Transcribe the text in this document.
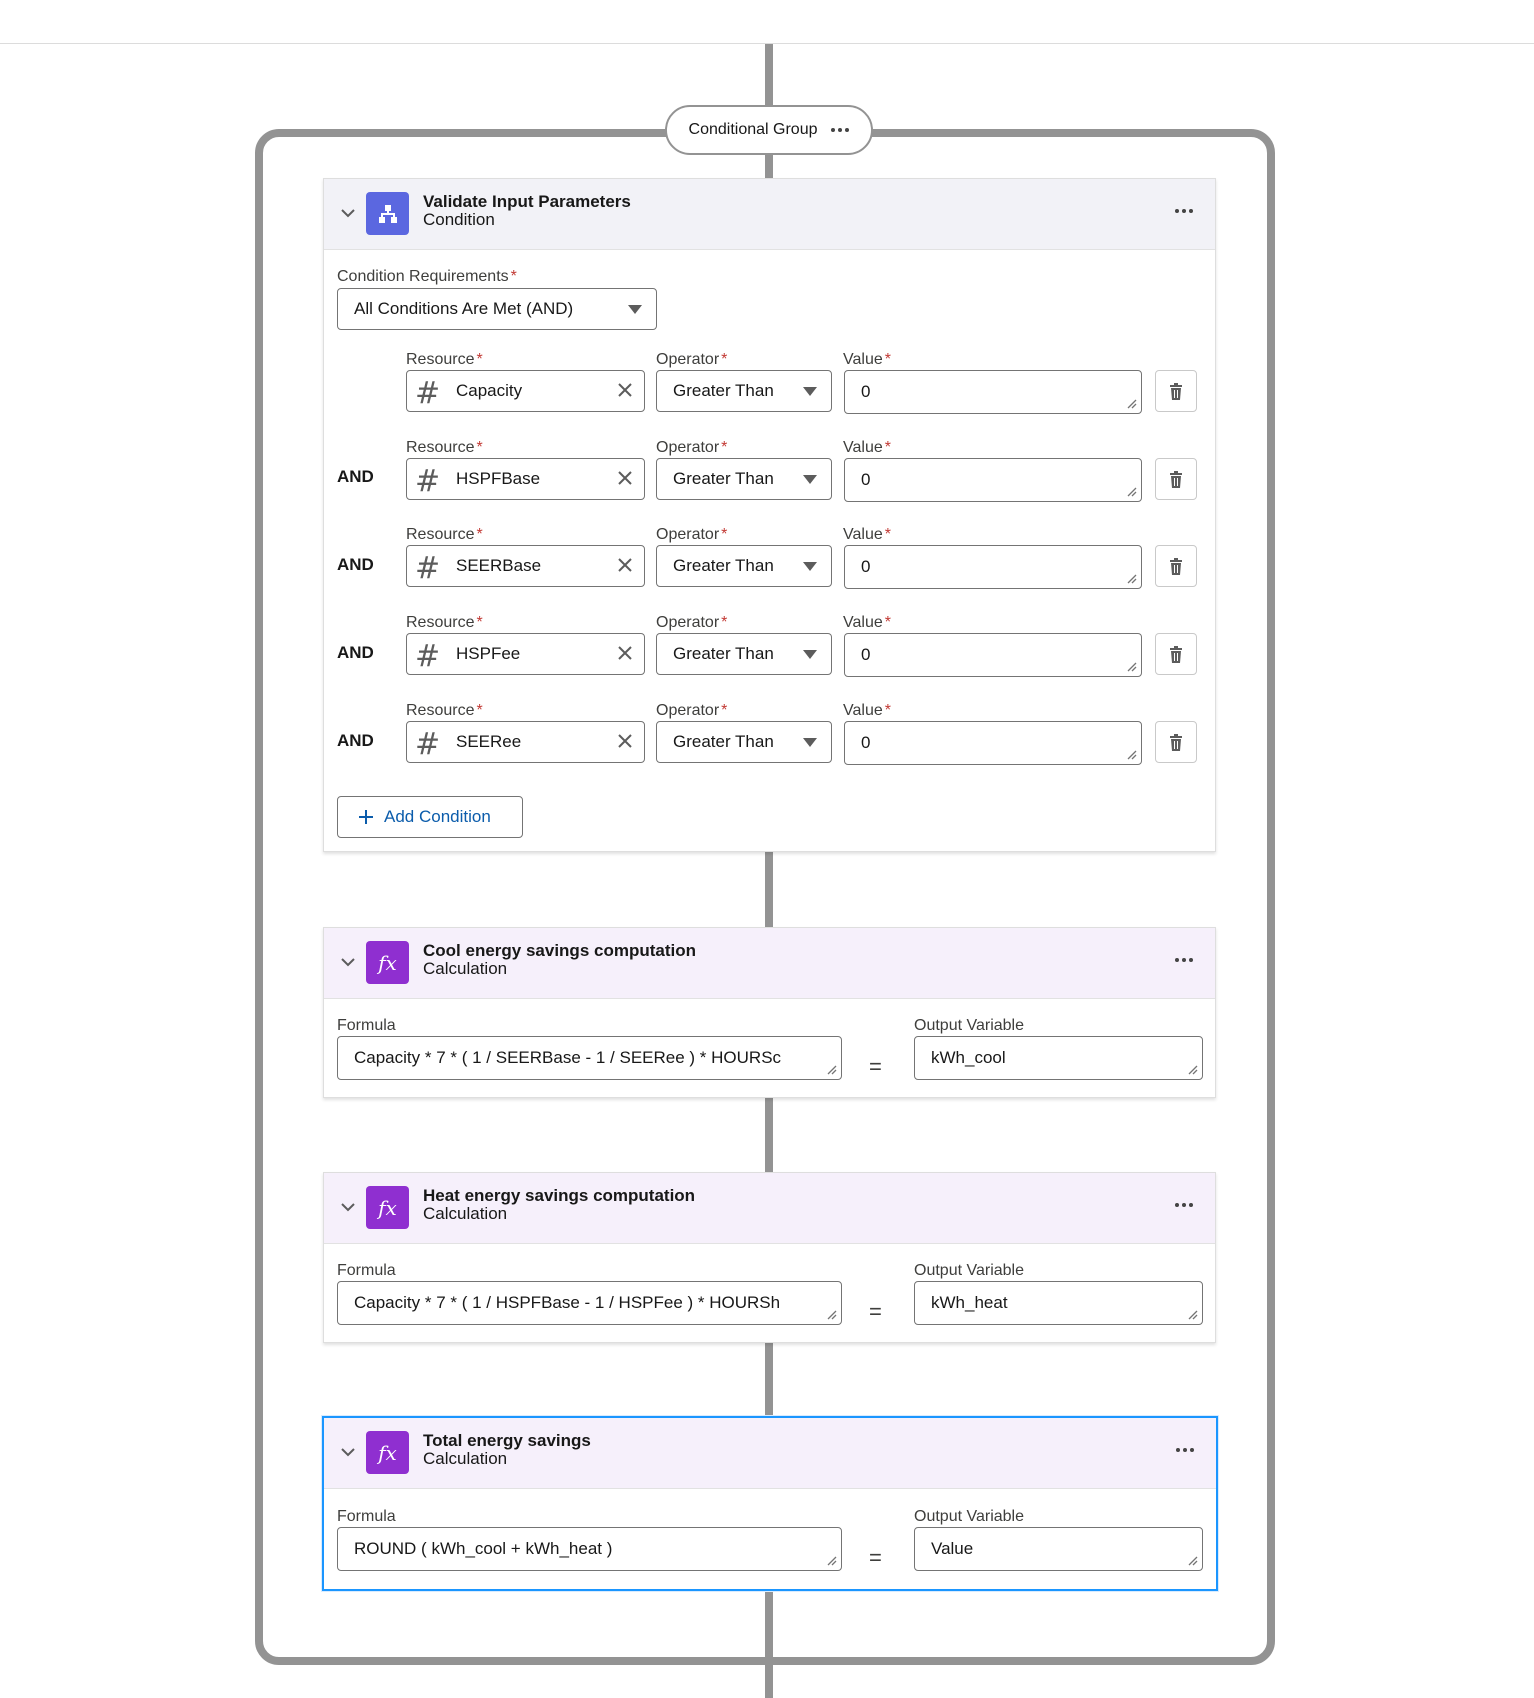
Conditional Group
Validate Input Parameters
Condition
Condition Requirements *
All Conditions Are Met (AND)
Resource *
# Capacity
Operator *
Greater Than
Value *
0
AND
Resource *
# HSPFBase
Operator *
Greater Than
Value *
0
AND
Resource *
# SEERBase
Operator *
Greater Than
Value *
0
AND
Resource *
# HSPFee
Operator *
Greater Than
Value *
0
AND
Resource *
# SEERee
Operator *
Greater Than
Value *
0
Add Condition
fx Cool energy savings computation
Calculation
Formula
Capacity * 7 * ( 1 / SEERBase - 1 / SEERee ) * HOURSc	=
Output Variable
kWh_cool
fx Heat energy savings computation
Calculation
Formula
Capacity * 7 * ( 1 / HSPFBase - 1 / HSPFee ) * HOURSh	=
Output Variable
kWh_heat
fx Total energy savings
Calculation
Formula
ROUND ( kWh_cool + kWh_heat )	=
Output Variable
Value
